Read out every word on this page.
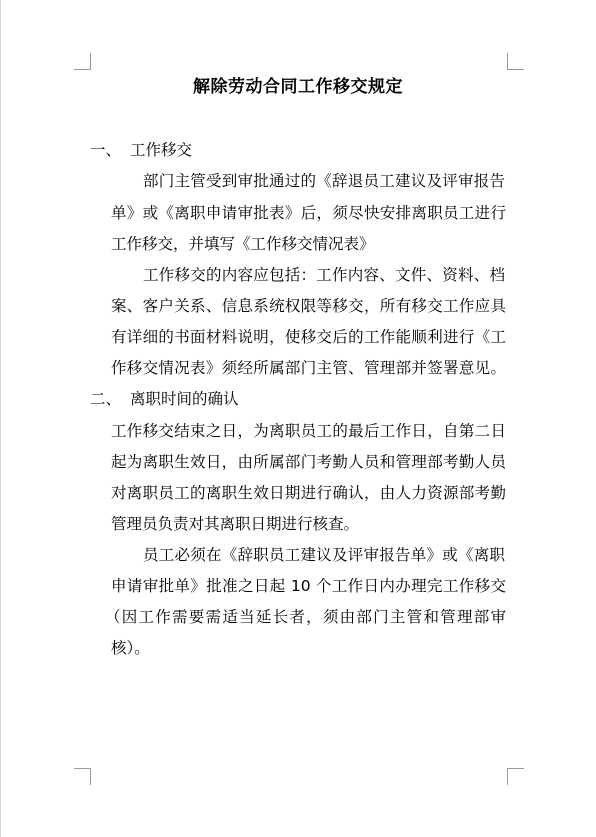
解除劳动合同工作移交规定
一、 工作移交
部门主管受到审批通过的《辞退员工建议及评审报告
单》或《离职申请审批表》后，须尽快安排离职员工进行
工作移交，并填写《工作移交情况表》
工作移交的内容应包括：工作内容、文件、资料、档
案、客户关系、信息系统权限等移交，所有移交工作应具
有详细的书面材料说明，使移交后的工作能顺利进行《工
作移交情况表》须经所属部门主管、管理部并签署意见。
二、 离职时间的确认
工作移交结束之日，为离职员工的最后工作日，自第二日
起为离职生效日，由所属部门考勤人员和管理部考勤人员
对离职员工的离职生效日期进行确认，由人力资源部考勤
管理员负责对其离职日期进行核查。
员工必须在《辞职员工建议及评审报告单》或《离职
申请审批单》批准之日起 10 个工作日内办理完工作移交
（因工作需要需适当延长者，须由部门主管和管理部审
核）。
